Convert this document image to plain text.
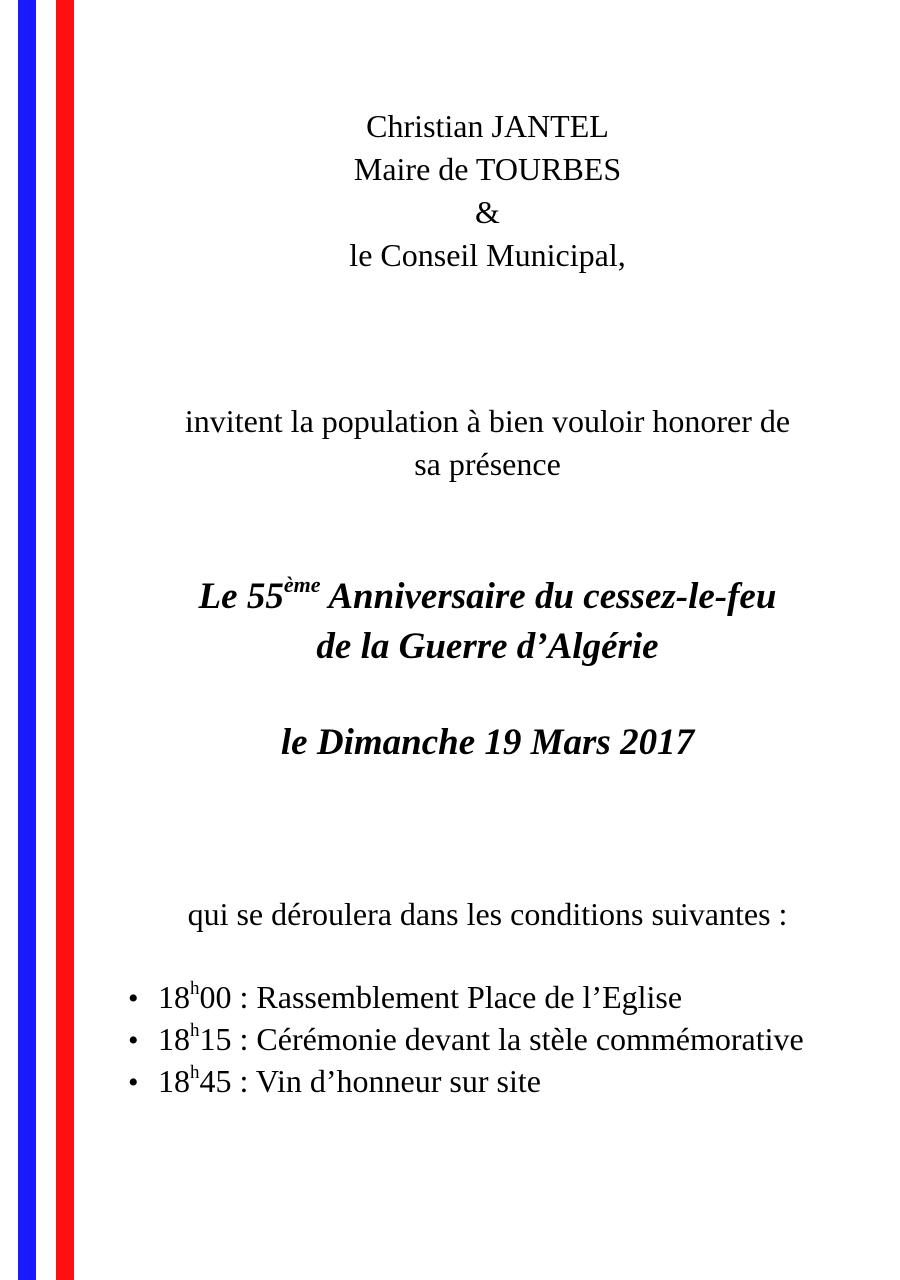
Christian JANTEL
Maire de TOURBES
&
le Conseil Municipal,
invitent la population à bien vouloir honorer de
sa présence
Le 55ème Anniversaire du cessez-le-feu
de la Guerre d’Algérie
le Dimanche 19 Mars 2017
qui se déroulera dans les conditions suivantes :
• 18$^h$00 : Rassemblement Place de l’Eglise
• 18$^h$15 : Cérémonie devant la stèle commémorative
• 18$^h$45 : Vin d’honneur sur site
